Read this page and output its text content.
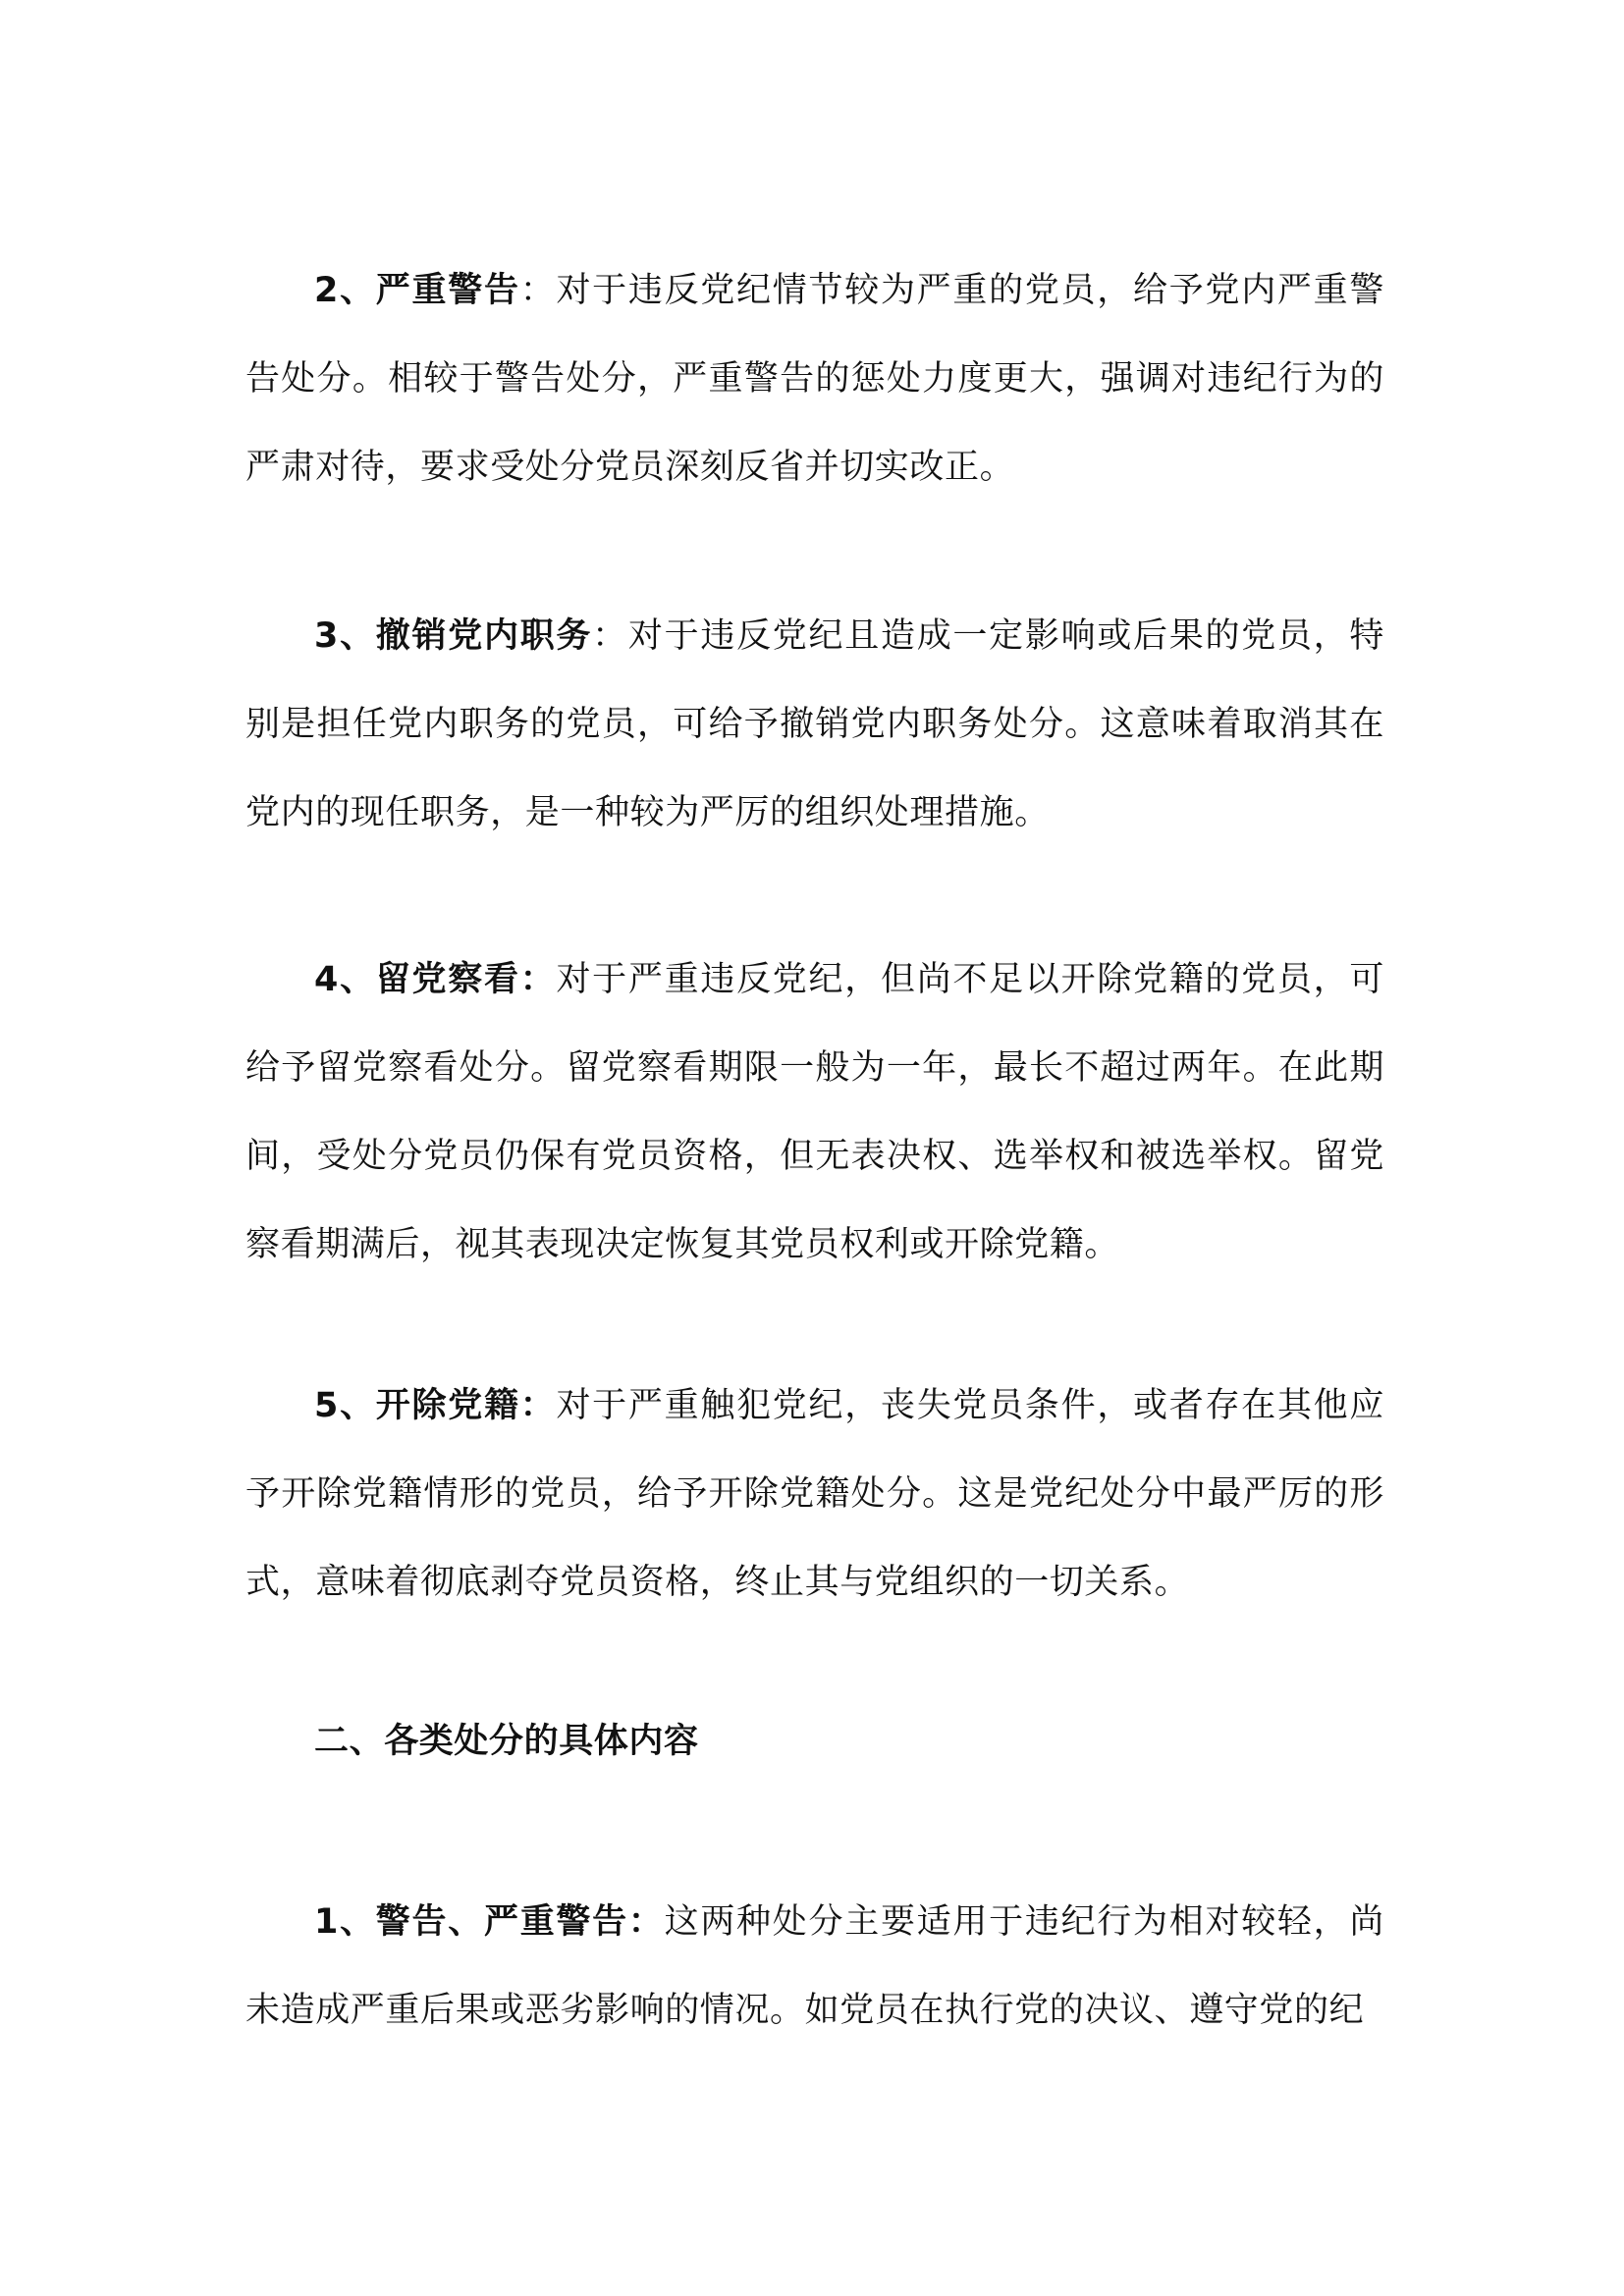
2、严重警告：对于违反党纪情节较为严重的党员，给予党内严重警告处分。相较于警告处分，严重警告的惩处力度更大，强调对违纪行为的严肃对待，要求受处分党员深刻反省并切实改正。

3、撤销党内职务：对于违反党纪且造成一定影响或后果的党员，特别是担任党内职务的党员，可给予撤销党内职务处分。这意味着取消其在党内的现任职务，是一种较为严厉的组织处理措施。

4、留党察看：对于严重违反党纪，但尚不足以开除党籍的党员，可给予留党察看处分。留党察看期限一般为一年，最长不超过两年。在此期间，受处分党员仍保有党员资格，但无表决权、选举权和被选举权。留党察看期满后，视其表现决定恢复其党员权利或开除党籍。

5、开除党籍：对于严重触犯党纪，丧失党员条件，或者存在其他应予开除党籍情形的党员，给予开除党籍处分。这是党纪处分中最严厉的形式，意味着彻底剥夺党员资格，终止其与党组织的一切关系。

二、各类处分的具体内容

1、警告、严重警告：这两种处分主要适用于违纪行为相对较轻，尚未造成严重后果或恶劣影响的情况。如党员在执行党的决议、遵守党的纪
